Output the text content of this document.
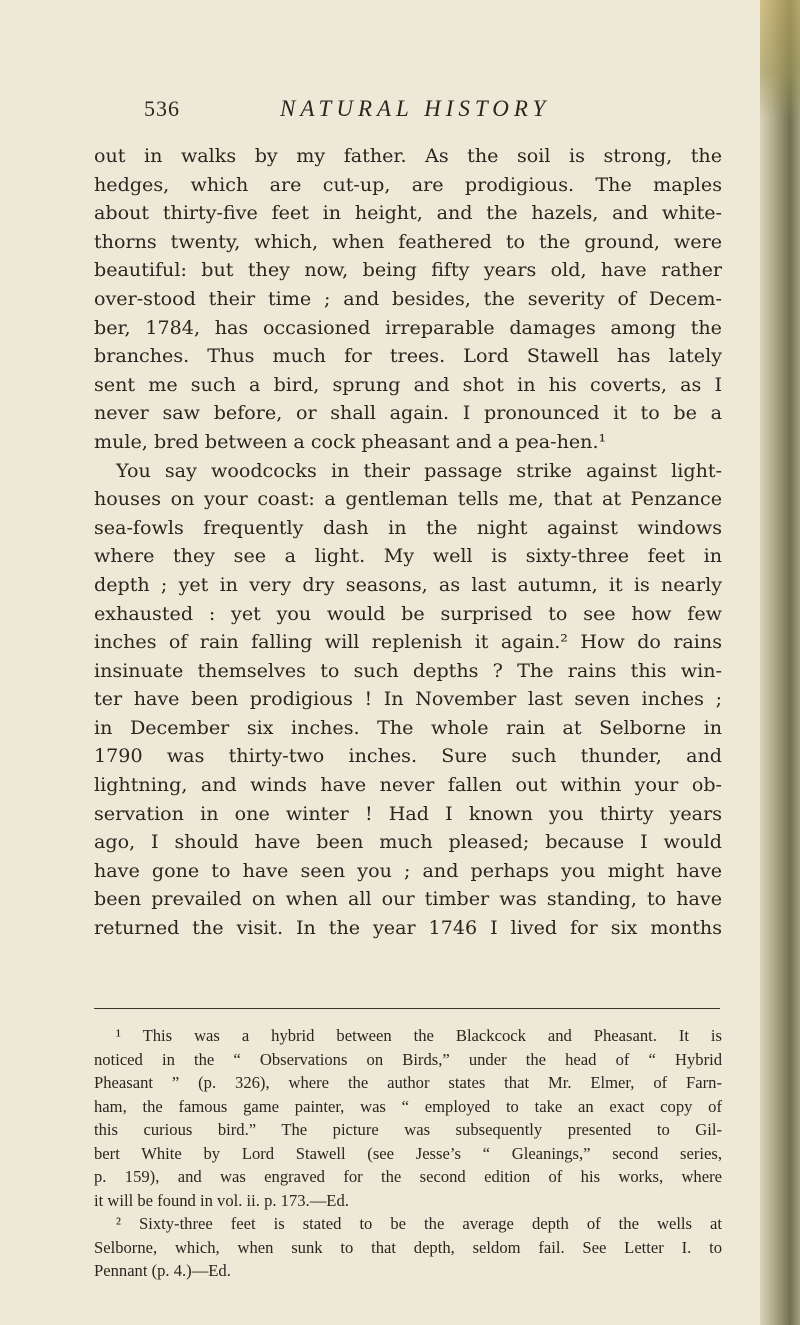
536	NATURAL HISTORY
out in walks by my father. As the soil is strong, the
hedges, which are cut-up, are prodigious. The maples
about thirty-five feet in height, and the hazels, and white-
thorns twenty, which, when feathered to the ground, were
beautiful: but they now, being fifty years old, have rather
over-stood their time ; and besides, the severity of Decem-
ber, 1784, has occasioned irreparable damages among the
branches. Thus much for trees. Lord Stawell has lately
sent me such a bird, sprung and shot in his coverts, as I
never saw before, or shall again. I pronounced it to be a
mule, bred between a cock pheasant and a pea-hen.¹
You say woodcocks in their passage strike against light-
houses on your coast: a gentleman tells me, that at Penzance
sea-fowls frequently dash in the night against windows
where they see a light. My well is sixty-three feet in
depth ; yet in very dry seasons, as last autumn, it is nearly
exhausted : yet you would be surprised to see how few
inches of rain falling will replenish it again.² How do rains
insinuate themselves to such depths ? The rains this win-
ter have been prodigious ! In November last seven inches ;
in December six inches. The whole rain at Selborne in
1790 was thirty-two inches. Sure such thunder, and
lightning, and winds have never fallen out within your ob-
servation in one winter ! Had I known you thirty years
ago, I should have been much pleased; because I would
have gone to have seen you ; and perhaps you might have
been prevailed on when all our timber was standing, to have
returned the visit. In the year 1746 I lived for six months
¹ This was a hybrid between the Blackcock and Pheasant. It is
noticed in the “ Observations on Birds,” under the head of “ Hybrid
Pheasant ” (p. 326), where the author states that Mr. Elmer, of Farn-
ham, the famous game painter, was “ employed to take an exact copy of
this curious bird.” The picture was subsequently presented to Gil-
bert White by Lord Stawell (see Jesse’s “ Gleanings,” second series,
p. 159), and was engraved for the second edition of his works, where
it will be found in vol. ii. p. 173.—Ed.
² Sixty-three feet is stated to be the average depth of the wells at
Selborne, which, when sunk to that depth, seldom fail. See Letter I. to
Pennant (p. 4.)—Ed.
